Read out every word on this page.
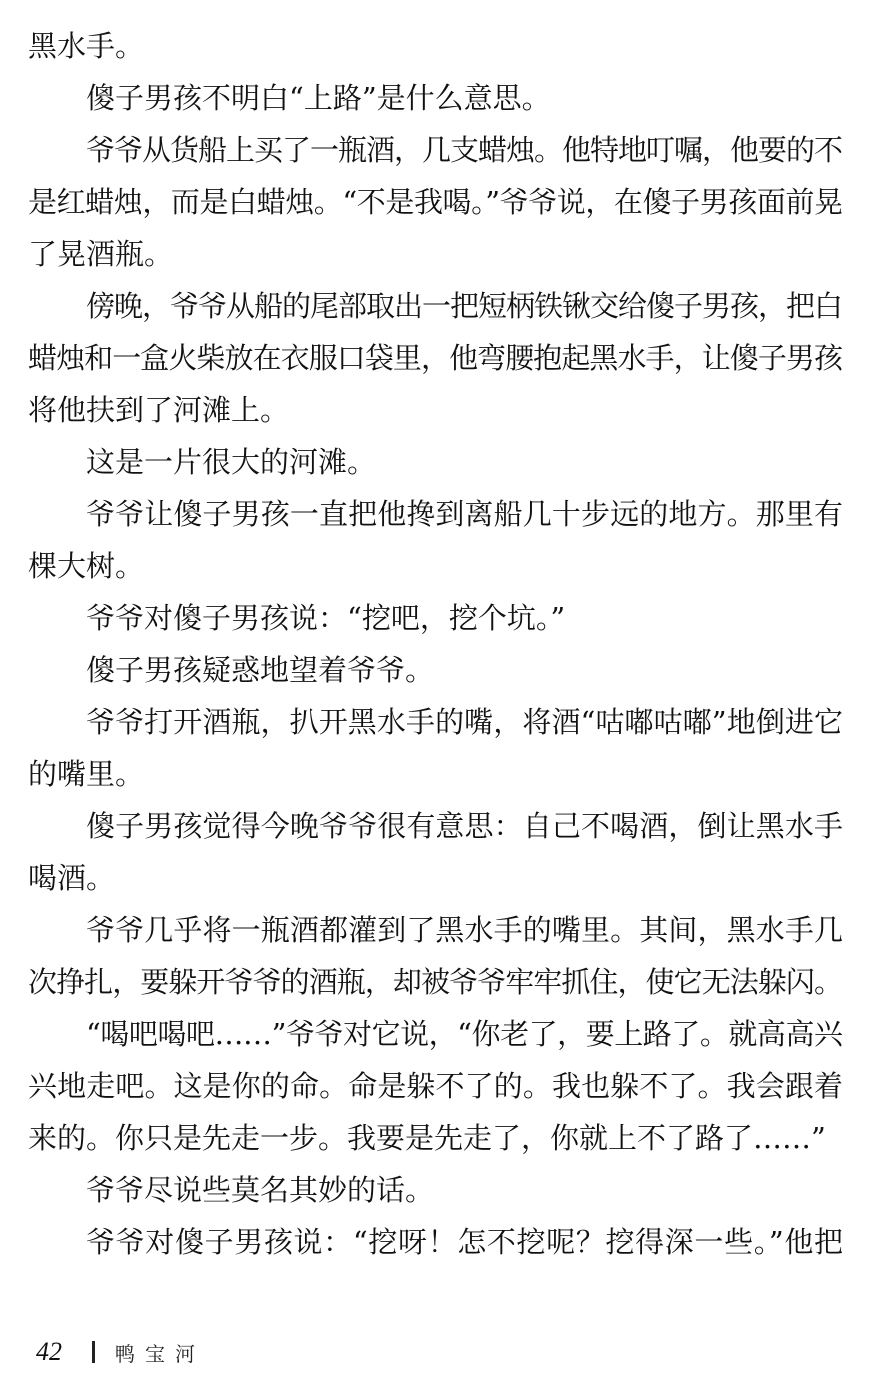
黑水手。
傻子男孩不明白“上路”是什么意思。
爷爷从货船上买了一瓶酒，几支蜡烛。他特地叮嘱，他要的不
是红蜡烛，而是白蜡烛。“不是我喝。”爷爷说，在傻子男孩面前晃
了晃酒瓶。
傍晚，爷爷从船的尾部取出一把短柄铁锹交给傻子男孩，把白
蜡烛和一盒火柴放在衣服口袋里，他弯腰抱起黑水手，让傻子男孩
将他扶到了河滩上。
这是一片很大的河滩。
爷爷让傻子男孩一直把他搀到离船几十步远的地方。那里有
棵大树。
爷爷对傻子男孩说：“挖吧，挖个坑。”
傻子男孩疑惑地望着爷爷。
爷爷打开酒瓶，扒开黑水手的嘴，将酒“咕嘟咕嘟”地倒进它
的嘴里。
傻子男孩觉得今晚爷爷很有意思：自己不喝酒，倒让黑水手
喝酒。
爷爷几乎将一瓶酒都灌到了黑水手的嘴里。其间，黑水手几
次挣扎，要躲开爷爷的酒瓶，却被爷爷牢牢抓住，使它无法躲闪。
“喝吧喝吧……”爷爷对它说，“你老了，要上路了。就高高兴
兴地走吧。这是你的命。命是躲不了的。我也躲不了。我会跟着
来的。你只是先走一步。我要是先走了，你就上不了路了……”
爷爷尽说些莫名其妙的话。
爷爷对傻子男孩说：“挖呀！怎不挖呢？挖得深一些。”他把
42	鸭宝河
